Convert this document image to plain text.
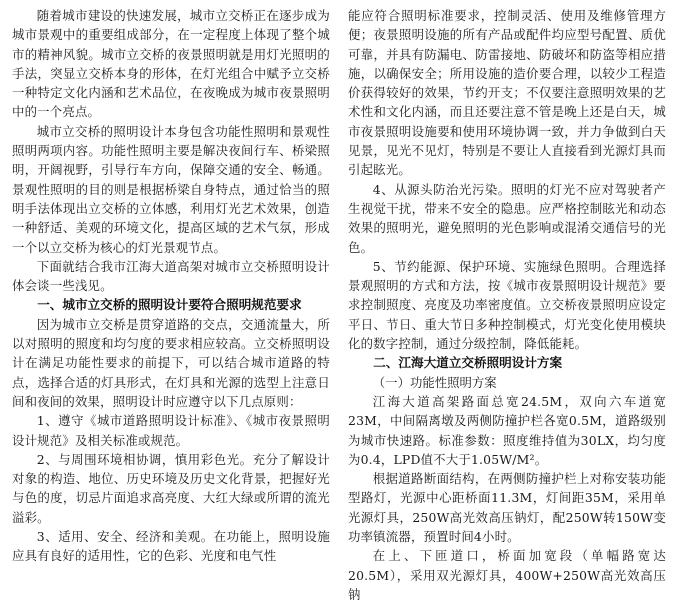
随着城市建设的快速发展，城市立交桥正在逐步成为城市景观中的重要组成部分，在一定程度上体现了整个城市的精神风貌。城市立交桥的夜景照明就是用灯光照明的手法，突显立交桥本身的形体，在灯光组合中赋予立交桥一种特定文化内涵和艺术品位，在夜晚成为城市夜景照明中的一个亮点。

城市立交桥的照明设计本身包含功能性照明和景观性照明两项内容。功能性照明主要是解决夜间行车、桥梁照明，开阔视野，引导行车方向，保障交通的安全、畅通。景观性照明的目的则是根据桥梁自身特点，通过恰当的照明手法体现出立交桥的立体感，利用灯光艺术效果，创造一种舒适、美观的环境文化，提高区域的艺术气氛，形成一个以立交桥为核心的灯光景观节点。

下面就结合我市江海大道高架对城市立交桥照明设计体会谈一些浅见。

一、城市立交桥的照明设计要符合照明规范要求

因为城市立交桥是贯穿道路的交点，交通流量大，所以对照明的照度和均匀度的要求相应较高。立交桥照明设计在满足功能性要求的前提下，可以结合城市道路的特点，选择合适的灯具形式，在灯具和光源的选型上注意日间和夜间的效果，照明设计时应遵守以下几点原则：

1、遵守《城市道路照明设计标准》、《城市夜景照明设计规范》及相关标准或规范。

2、与周围环境相协调，慎用彩色光。充分了解设计对象的构造、地位、历史环境及历史文化背景，把握好光与色的度，切忌片面追求高亮度、大红大绿或所谓的流光溢彩。

3、适用、安全、经济和美观。在功能上，照明设施应具有良好的适用性，它的色彩、光度和电气性

能应符合照明标准要求，控制灵活、使用及维修管理方便；夜景照明设施的所有产品或配件均应型号配置、质优可靠，并具有防漏电、防雷接地、防破坏和防盗等相应措施，以确保安全；所用设施的造价要合理，以较少工程造价获得较好的效果，节约开支；不仅要注意照明效果的艺术性和文化内涵，而且还要注意不管是晚上还是白天，城市夜景照明设施要和使用环境协调一致，并力争做到白天见景，见光不见灯，特别是不要让人直接看到光源灯具而引起眩光。

4、从源头防治光污染。照明的灯光不应对驾驶者产生视觉干扰，带来不安全的隐患。应严格控制眩光和动态效果的照明光，避免照明的光色影响或混淆交通信号的光色。

5、节约能源、保护环境、实施绿色照明。合理选择景观照明的方式和方法，按《城市夜景照明设计规范》要求控制照度、亮度及功率密度值。立交桥夜景照明应设定平日、节日、重大节日多种控制模式，灯光变化使用模块化的数字控制，通过分级控制，降低能耗。

二、江海大道立交桥照明设计方案
（一）功能性照明方案

江海大道高架路面总宽24.5M，双向六车道宽23M，中间隔离墩及两侧防撞护栏各宽0.5M，道路级别为城市快速路。标准参数：照度维持值为30LX，均匀度为0.4，LPD值不大于1.05W/M²。

根据道路断面结构，在两侧防撞护栏上对称安装功能型路灯，光源中心距桥面11.3M，灯间距35M，采用单光源灯具，250W高光效高压钠灯，配250W转150W变功率镇流器，预置时间4小时。

在上、下匝道口，桥面加宽段（单幅路宽达20.5M），采用双光源灯具，400W+250W高光效高压钠
